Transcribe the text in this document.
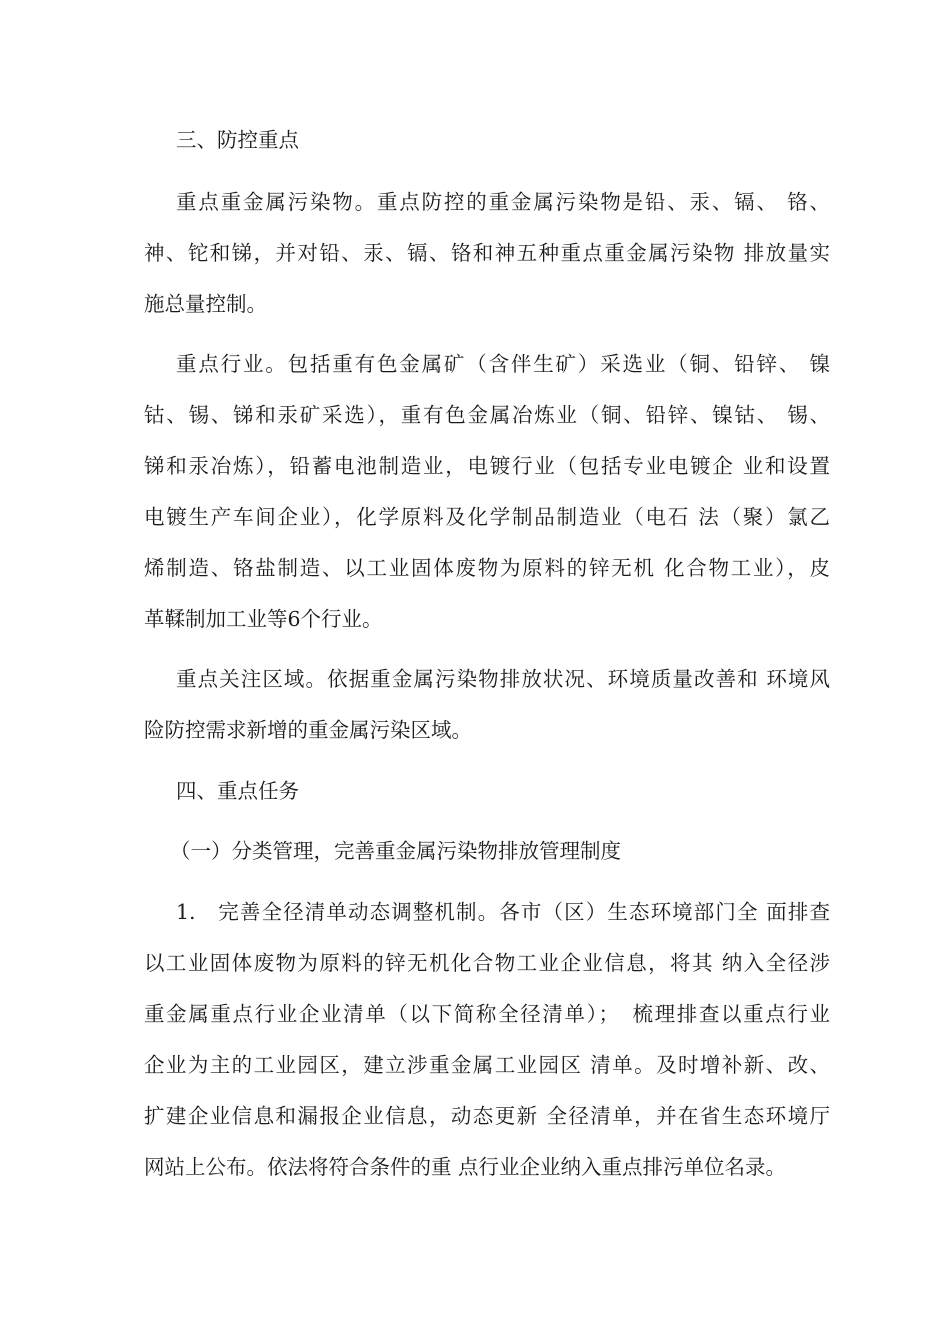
三、防控重点

重点重金属污染物。重点防控的重金属污染物是铅、汞、镉、 铬、

神、铊和锑，并对铅、汞、镉、铬和神五种重点重金属污染物 排放量实

施总量控制。

重点行业。包括重有色金属矿（含伴生矿）采选业（铜、铅锌、 镍

钴、锡、锑和汞矿采选），重有色金属冶炼业（铜、铅锌、镍钴、 锡、

锑和汞冶炼），铅蓄电池制造业，电镀行业（包括专业电镀企 业和设置

电镀生产车间企业），化学原料及化学制品制造业（电石 法（聚）氯乙

烯制造、铬盐制造、以工业固体废物为原料的锌无机 化合物工业），皮

革鞣制加工业等6个行业。

重点关注区域。依据重金属污染物排放状况、环境质量改善和 环境风

险防控需求新增的重金属污染区域。

四、重点任务

（一）分类管理，完善重金属污染物排放管理制度

1.　完善全径清单动态调整机制。各市（区）生态环境部门全 面排查

以工业固体废物为原料的锌无机化合物工业企业信息，将其 纳入全径涉

重金属重点行业企业清单（以下简称全径清单）；　梳理排查以重点行业

企业为主的工业园区，建立涉重金属工业园区 清单。及时增补新、改、

扩建企业信息和漏报企业信息，动态更新 全径清单，并在省生态环境厅

网站上公布。依法将符合条件的重 点行业企业纳入重点排污单位名录。
